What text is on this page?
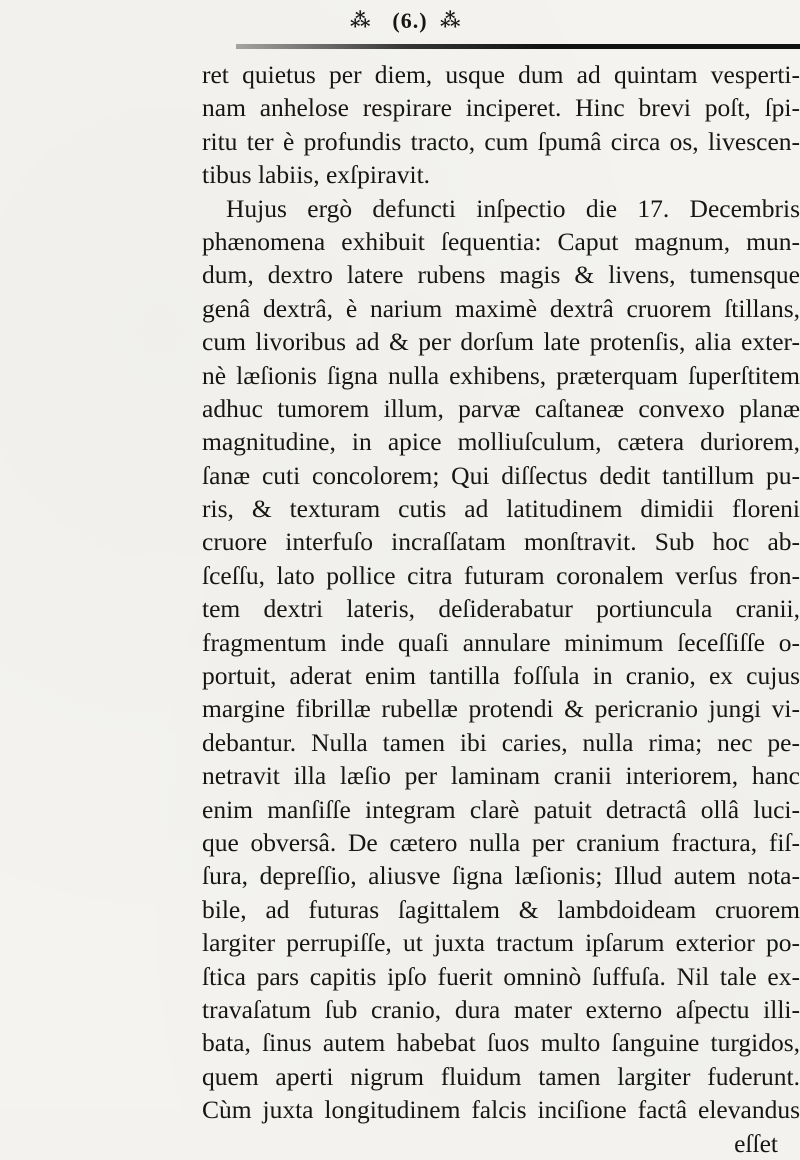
⁂ (6.) ⁂
ret quietus per diem, usque dum ad quintam vesperti-
nam anhelose respirare inciperet. Hinc brevi poſt, ſpi-
ritu ter è profundis tracto, cum ſpumâ circa os, livescen-
tibus labiis, exſpiravit.
Hujus ergò defuncti inſpectio die 17. Decembris
phænomena exhibuit ſequentia: Caput magnum, mun-
dum, dextro latere rubens magis & livens, tumensque
genâ dextrâ, è narium maximè dextrâ cruorem ſtillans,
cum livoribus ad & per dorſum late protenſis, alia exter-
nè læſionis ſigna nulla exhibens, præterquam ſuperſtitem
adhuc tumorem illum, parvæ caſtaneæ convexo planæ
magnitudine, in apice molliuſculum, cætera duriorem,
ſanæ cuti concolorem; Qui diſſectus dedit tantillum pu-
ris, & texturam cutis ad latitudinem dimidii floreni
cruore interfuſo incraſſatam monſtravit. Sub hoc ab-
ſceſſu, lato pollice citra futuram coronalem verſus fron-
tem dextri lateris, deſiderabatur portiuncula cranii,
fragmentum inde quaſi annulare minimum ſeceſſiſſe o-
portuit, aderat enim tantilla foſſula in cranio, ex cujus
margine fibrillæ rubellæ protendi & pericranio jungi vi-
debantur. Nulla tamen ibi caries, nulla rima; nec pe-
netravit illa læſio per laminam cranii interiorem, hanc
enim manſiſſe integram clarè patuit detractâ ollâ luci-
que obversâ. De cætero nulla per cranium fractura, fiſ-
ſura, depreſſio, aliusve ſigna læſionis; Illud autem nota-
bile, ad futuras ſagittalem & lambdoideam cruorem
largiter perrupiſſe, ut juxta tractum ipſarum exterior po-
ſtica pars capitis ipſo fuerit omninò ſuffuſa. Nil tale ex-
travaſatum ſub cranio, dura mater externo aſpectu illi-
bata, ſinus autem habebat ſuos multo ſanguine turgidos,
quem aperti nigrum fluidum tamen largiter fuderunt.
Cùm juxta longitudinem falcis inciſione factâ elevandus
eſſet
